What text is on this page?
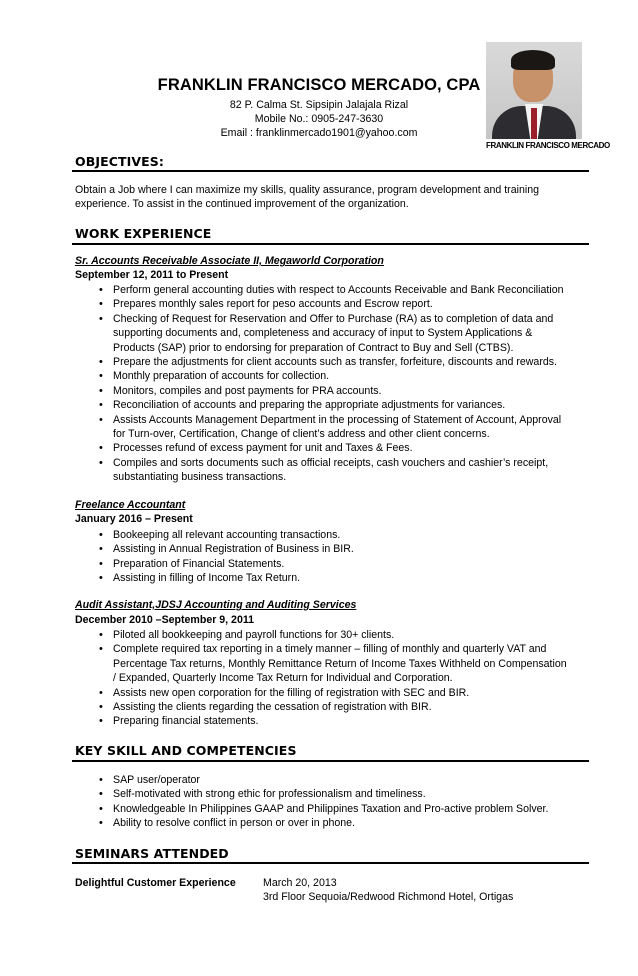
FRANKLIN FRANCISCO MERCADO, CPA
82 P. Calma St. Sipsipin Jalajala Rizal
Mobile No.: 0905-247-3630
Email : franklinmercado1901@yahoo.com
FRANKLIN FRANCISCO MERCADO
OBJECTIVES:
Obtain a Job where I can maximize my skills, quality assurance, program development and training experience. To assist in the continued improvement of the organization.
WORK EXPERIENCE
Sr. Accounts Receivable Associate II, Megaworld Corporation
September 12, 2011 to Present
• Perform general accounting duties with respect to Accounts Receivable and Bank Reconciliation
• Prepares monthly sales report for peso accounts and Escrow report.
• Checking of Request for Reservation and Offer to Purchase (RA) as to completion of data and supporting documents and, completeness and accuracy of input to System Applications & Products (SAP) prior to endorsing for preparation of Contract to Buy and Sell (CTBS).
• Prepare the adjustments for client accounts such as transfer, forfeiture, discounts and rewards.
• Monthly preparation of accounts for collection.
• Monitors, compiles and post payments for PRA accounts.
• Reconciliation of accounts and preparing the appropriate adjustments for variances.
• Assists Accounts Management Department in the processing of Statement of Account, Approval for Turn-over, Certification, Change of client’s address and other client concerns.
• Processes refund of excess payment for unit and Taxes & Fees.
• Compiles and sorts documents such as official receipts, cash vouchers and cashier’s receipt, substantiating business transactions.
Freelance Accountant
January 2016 – Present
• Bookeeping all relevant accounting transactions.
• Assisting in Annual Registration of Business in BIR.
• Preparation of Financial Statements.
• Assisting in filling of Income Tax Return.
Audit Assistant,JDSJ Accounting and Auditing Services
December 2010 –September 9, 2011
• Piloted all bookkeeping and payroll functions for 30+ clients.
• Complete required tax reporting in a timely manner – filling of monthly and quarterly VAT and Percentage Tax returns, Monthly Remittance Return of Income Taxes Withheld on Compensation / Expanded, Quarterly Income Tax Return for Individual and Corporation.
• Assists new open corporation for the filling of registration with SEC and BIR.
• Assisting the clients regarding the cessation of registration with BIR.
• Preparing financial statements.
KEY SKILL AND COMPETENCIES
• SAP user/operator
• Self-motivated with strong ethic for professionalism and timeliness.
• Knowledgeable In Philippines GAAP and Philippines Taxation and Pro-active problem Solver.
• Ability to resolve conflict in person or over in phone.
SEMINARS ATTENDED
Delightful Customer Experience	March 20, 2013
3rd Floor Sequoia/Redwood Richmond Hotel, Ortigas
